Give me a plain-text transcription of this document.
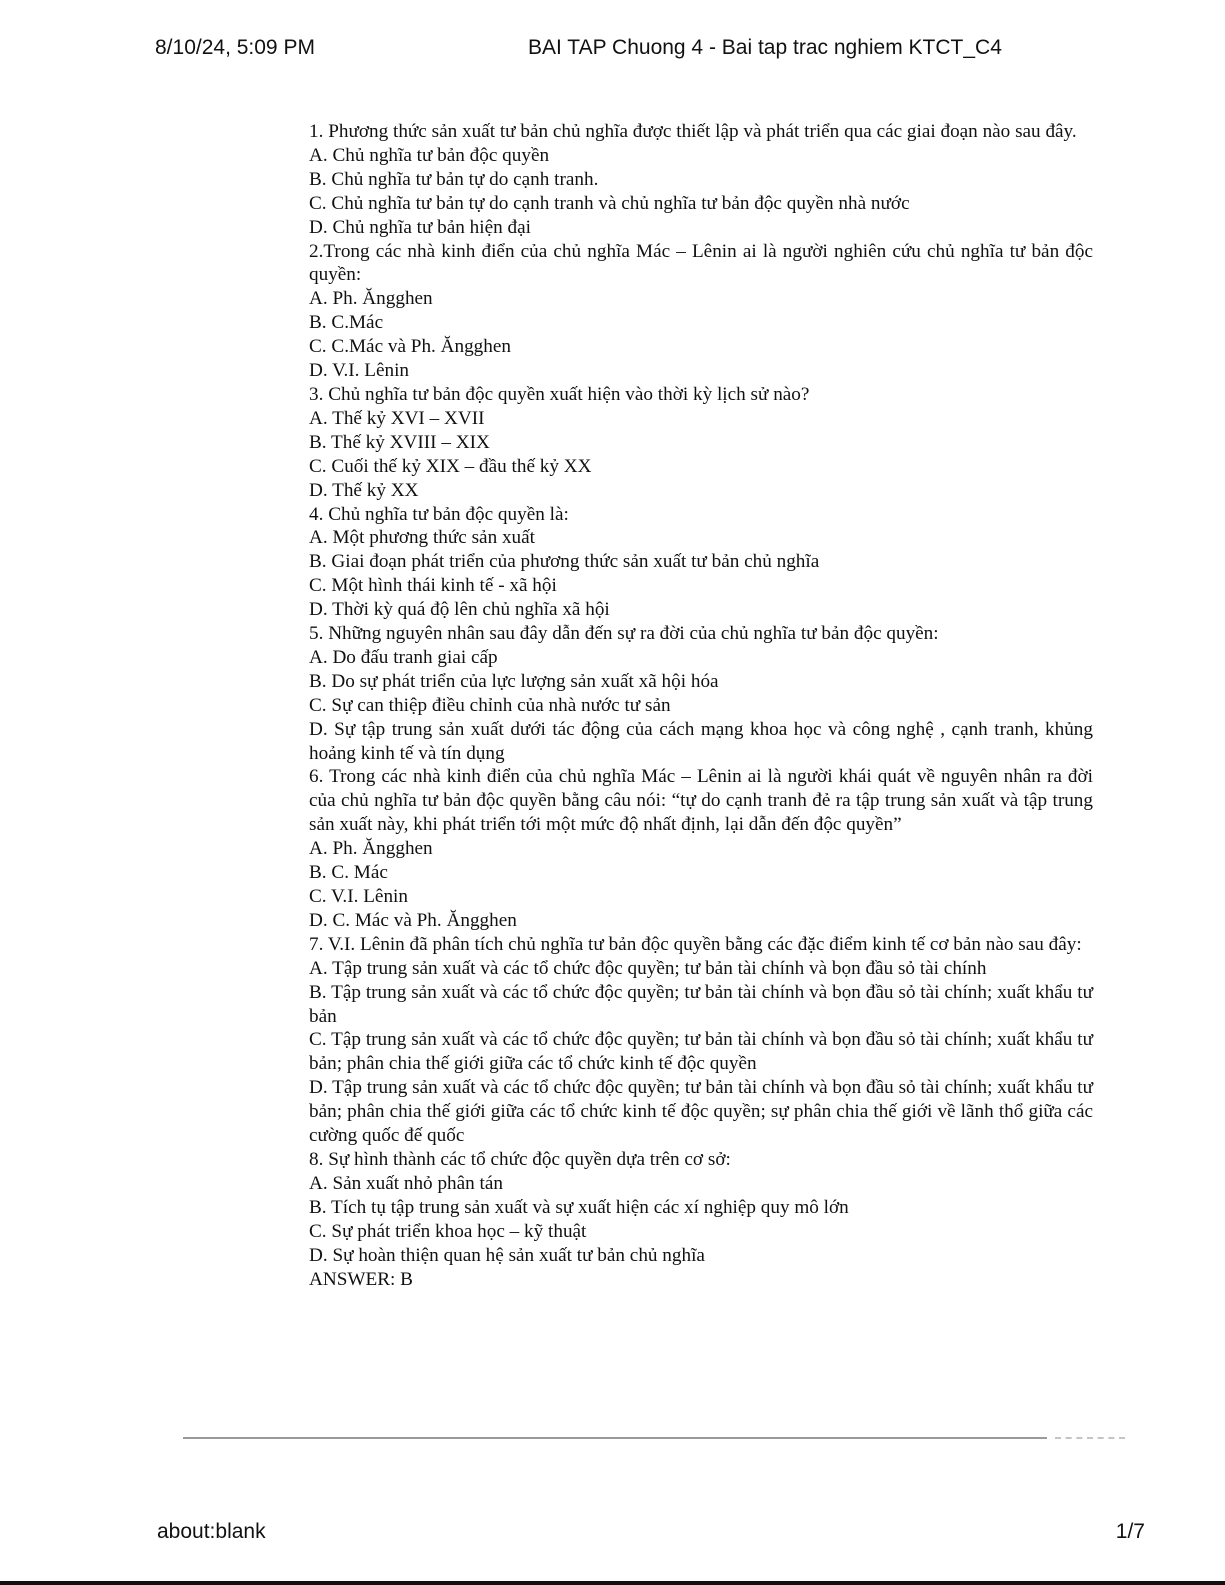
8/10/24, 5:09 PM	BAI TAP Chuong 4 - Bai tap trac nghiem KTCT_C4
1. Phương thức sản xuất tư bản chủ nghĩa được thiết lập và phát triển qua các giai đoạn nào sau đây.
A. Chủ nghĩa tư bản độc quyền
B. Chủ nghĩa tư bản tự do cạnh tranh.
C. Chủ nghĩa tư bản tự do cạnh tranh và chủ nghĩa tư bản độc quyền nhà nước
D. Chủ nghĩa tư bản hiện đại
2.Trong các nhà kinh điển của chủ nghĩa Mác – Lênin ai là người nghiên cứu chủ nghĩa tư bản độc quyền:
A. Ph. Ăngghen
B. C.Mác
C. C.Mác và Ph. Ăngghen
D. V.I. Lênin
3. Chủ nghĩa tư bản độc quyền xuất hiện vào thời kỳ lịch sử nào?
A. Thế kỷ XVI – XVII
B. Thế kỷ XVIII – XIX
C. Cuối thế kỷ XIX – đầu thế kỷ XX
D. Thế kỷ XX
4. Chủ nghĩa tư bản độc quyền là:
A. Một phương thức sản xuất
B. Giai đoạn phát triển của phương thức sản xuất tư bản chủ nghĩa
C. Một hình thái kinh tế - xã hội
D. Thời kỳ quá độ lên chủ nghĩa xã hội
5. Những nguyên nhân sau đây dẫn đến sự ra đời của chủ nghĩa tư bản độc quyền:
A. Do đấu tranh giai cấp
B. Do sự phát triển của lực lượng sản xuất xã hội hóa
C. Sự can thiệp điều chỉnh của nhà nước tư sản
D. Sự tập trung sản xuất dưới tác động của cách mạng khoa học và công nghệ , cạnh tranh, khủng hoảng kinh tế và tín dụng
6. Trong các nhà kinh điển của chủ nghĩa Mác – Lênin ai là người khái quát về nguyên nhân ra đời của chủ nghĩa tư bản độc quyền bằng câu nói: “tự do cạnh tranh đẻ ra tập trung sản xuất và tập trung sản xuất này, khi phát triển tới một mức độ nhất định, lại dẫn đến độc quyền”
A. Ph. Ăngghen
B. C. Mác
C. V.I. Lênin
D. C. Mác và Ph. Ăngghen
7. V.I. Lênin đã phân tích chủ nghĩa tư bản độc quyền bằng các đặc điểm kinh tế cơ bản nào sau đây:
A. Tập trung sản xuất và các tổ chức độc quyền; tư bản tài chính và bọn đầu sỏ tài chính
B. Tập trung sản xuất và các tổ chức độc quyền; tư bản tài chính và bọn đầu sỏ tài chính; xuất khẩu tư bản
C. Tập trung sản xuất và các tổ chức độc quyền; tư bản tài chính và bọn đầu sỏ tài chính; xuất khẩu tư bản; phân chia thế giới giữa các tổ chức kinh tế độc quyền
D. Tập trung sản xuất và các tổ chức độc quyền; tư bản tài chính và bọn đầu sỏ tài chính; xuất khẩu tư bản; phân chia thế giới giữa các tổ chức kinh tế độc quyền; sự phân chia thế giới về lãnh thổ giữa các cường quốc đế quốc
8. Sự hình thành các tổ chức độc quyền dựa trên cơ sở:
A. Sản xuất nhỏ phân tán
B. Tích tụ tập trung sản xuất và sự xuất hiện các xí nghiệp quy mô lớn
C. Sự phát triển khoa học – kỹ thuật
D. Sự hoàn thiện quan hệ sản xuất tư bản chủ nghĩa
ANSWER: B
about:blank	1/7
